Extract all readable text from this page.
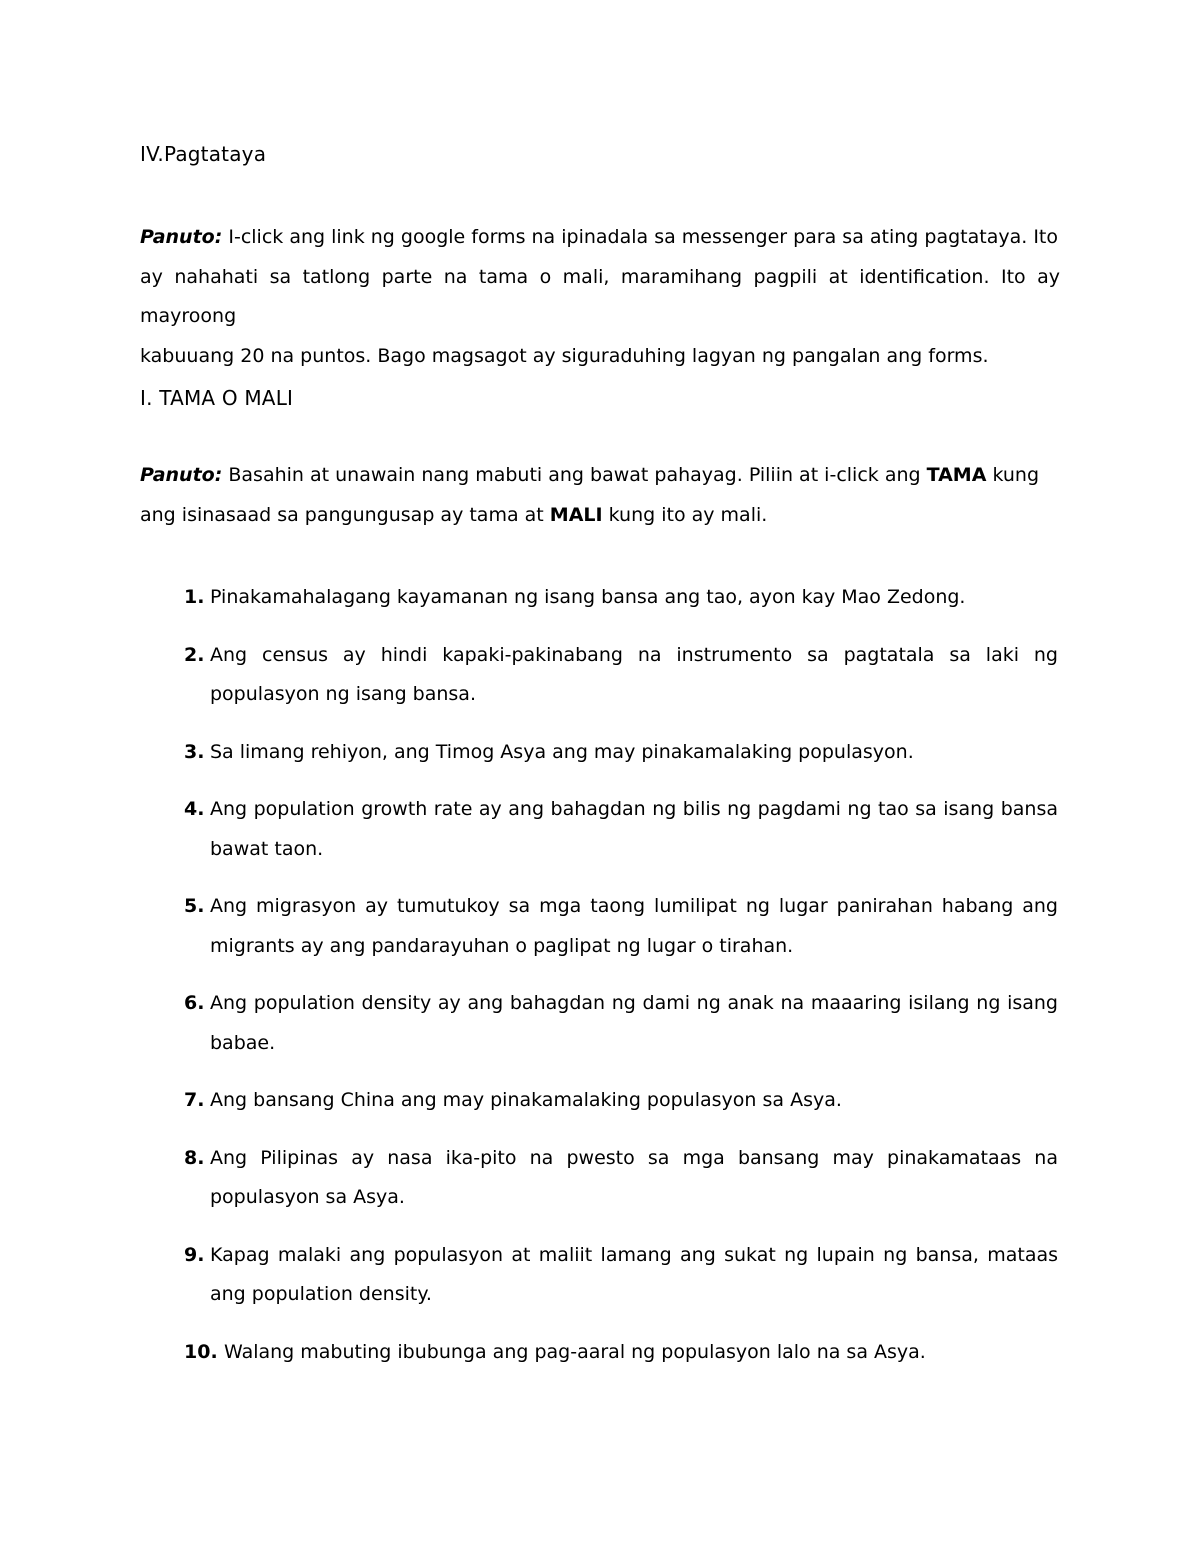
IV.Pagtataya

Panuto: I-click ang link ng google forms na ipinadala sa messenger para sa ating pagtataya. Ito

ay nahahati sa tatlong parte na tama o mali, maramihang pagpili at identification. Ito ay mayroong

kabuuang 20 na puntos. Bago magsagot ay siguraduhing lagyan ng pangalan ang forms.

I. TAMA O MALI

Panuto: Basahin at unawain nang mabuti ang bawat pahayag. Piliin at i-click ang TAMA kung

ang isinasaad sa pangungusap ay tama at MALI kung ito ay mali.

1. Pinakamahalagang kayamanan ng isang bansa ang tao, ayon kay Mao Zedong.
2. Ang census ay hindi kapaki-pakinabang na instrumento sa pagtatala sa laki ng populasyon ng isang bansa.
3. Sa limang rehiyon, ang Timog Asya ang may pinakamalaking populasyon.
4. Ang population growth rate ay ang bahagdan ng bilis ng pagdami ng tao sa isang bansa bawat taon.
5. Ang migrasyon ay tumutukoy sa mga taong lumilipat ng lugar panirahan habang ang migrants ay ang pandarayuhan o paglipat ng lugar o tirahan.
6. Ang population density ay ang bahagdan ng dami ng anak na maaaring isilang ng isang babae.
7. Ang bansang China ang may pinakamalaking populasyon sa Asya.
8. Ang Pilipinas ay nasa ika-pito na pwesto sa mga bansang may pinakamataas na populasyon sa Asya.
9. Kapag malaki ang populasyon at maliit lamang ang sukat ng lupain ng bansa, mataas ang population density.
10. Walang mabuting ibubunga ang pag-aaral ng populasyon lalo na sa Asya.
